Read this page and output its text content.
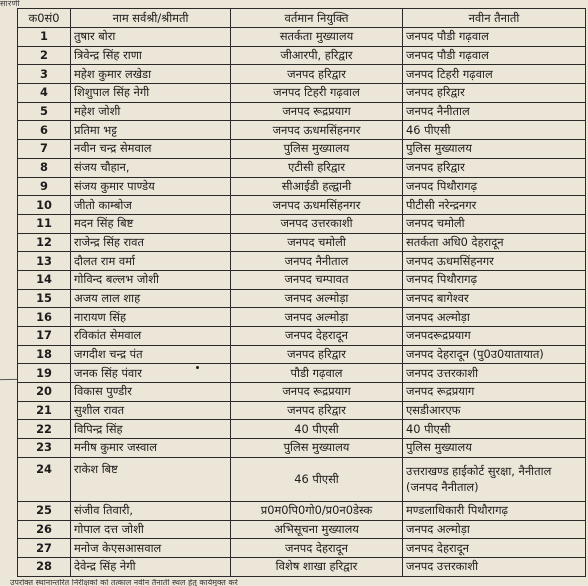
सारणी
क0सं0	नाम सर्वश्री/श्रीमती	वर्तमान नियुक्ति	नवीन तैनाती
1	तुषार बोरा	सतर्कता मुख्यालय	जनपद पौडी गढ़वाल
2	त्रिवेन्द्र सिंह राणा	जीआरपी, हरिद्वार	जनपद पौडी गढ़वाल
3	महेश कुमार लखेडा	जनपद हरिद्वार	जनपद टिहरी गढ़वाल
4	शिशुपाल सिंह नेगी	जनपद टिहरी गढ़वाल	जनपद हरिद्वार
5	महेश जोशी	जनपद रूद्रप्रयाग	जनपद नैनीताल
6	प्रतिमा भट्ट	जनपद ऊधमसिंहनगर	46 पीएसी
7	नवीन चन्द्र सेमवाल	पुलिस मुख्यालय	पुलिस मुख्यालय
8	संजय चौहान,	एटीसी हरिद्वार	जनपद हरिद्वार
9	संजय कुमार पाण्डेय	सीआईडी हल्द्वानी	जनपद पिथौरागढ़
10	जीतो काम्बोज	जनपद ऊधमसिंहनगर	पीटीसी नरेन्द्रनगर
11	मदन सिंह बिष्ट	जनपद उत्तरकाशी	जनपद चमोली
12	राजेन्द्र सिंह रावत	जनपद चमोली	सतर्कता अधि0 देहरादून
13	दौलत राम वर्मा	जनपद नैनीताल	जनपद ऊधमसिंहनगर
14	गोविन्द बल्लभ जोशी	जनपद चम्पावत	जनपद पिथौरागढ़
15	अजय लाल शाह	जनपद अल्मोड़ा	जनपद बागेश्वर
16	नारायण सिंह	जनपद अल्मोड़ा	जनपद अल्मोड़ा
17	रविकांत सेमवाल	जनपद देहरादून	जनपदरूद्रप्रयाग
18	जगदीश चन्द्र पंत	जनपद हरिद्वार	जनपद देहरादून (पु0उ0यातायात)
19	जनक सिंह पंवार	पौडी गढ़वाल	जनपद उत्तरकाशी
20	विकास पुण्डीर	जनपद रूद्रप्रयाग	जनपद रूद्रप्रयाग
21	सुशील रावत	जनपद हरिद्वार	एसडीआरएफ
22	विपिन्द्र सिंह	40 पीएसी	40 पीएसी
23	मनीष कुमार जस्वाल	पुलिस मुख्यालय	पुलिस मुख्यालय
24	राकेश बिष्ट	46 पीएसी	उत्तराखण्ड हाईकोर्ट सुरक्षा, नैनीताल (जनपद नैनीताल)
25	संजीव तिवारी,	प्र0म0पि0गो0/प्र0न0डेस्क	मण्डलाधिकारी पिथौरागढ़
26	गोपाल दत्त जोशी	अभिसूचना मुख्यालय	जनपद अल्मोड़ा
27	मनोज केएसआसवाल	जनपद देहरादून	जनपद देहरादून
28	देवेन्द्र सिंह नेगी	विशेष शाखा हरिद्वार	जनपद उत्तरकाशी
उपरोक्त स्थानान्तरित निरीक्षकों को तत्काल नवीन तैनाती स्थल हेतु कार्यमुक्त करें
